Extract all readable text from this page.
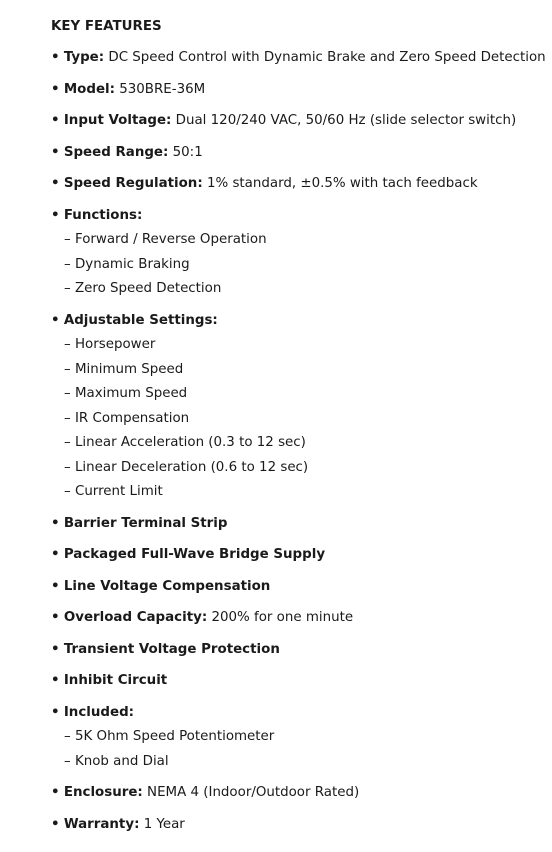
KEY FEATURES
• Type: DC Speed Control with Dynamic Brake and Zero Speed Detection
• Model: 530BRE-36M
• Input Voltage: Dual 120/240 VAC, 50/60 Hz (slide selector switch)
• Speed Range: 50:1
• Speed Regulation: 1% standard, ±0.5% with tach feedback
• Functions:
– Forward / Reverse Operation
– Dynamic Braking
– Zero Speed Detection
• Adjustable Settings:
– Horsepower
– Minimum Speed
– Maximum Speed
– IR Compensation
– Linear Acceleration (0.3 to 12 sec)
– Linear Deceleration (0.6 to 12 sec)
– Current Limit
• Barrier Terminal Strip
• Packaged Full-Wave Bridge Supply
• Line Voltage Compensation
• Overload Capacity: 200% for one minute
• Transient Voltage Protection
• Inhibit Circuit
• Included:
– 5K Ohm Speed Potentiometer
– Knob and Dial
• Enclosure: NEMA 4 (Indoor/Outdoor Rated)
• Warranty: 1 Year
